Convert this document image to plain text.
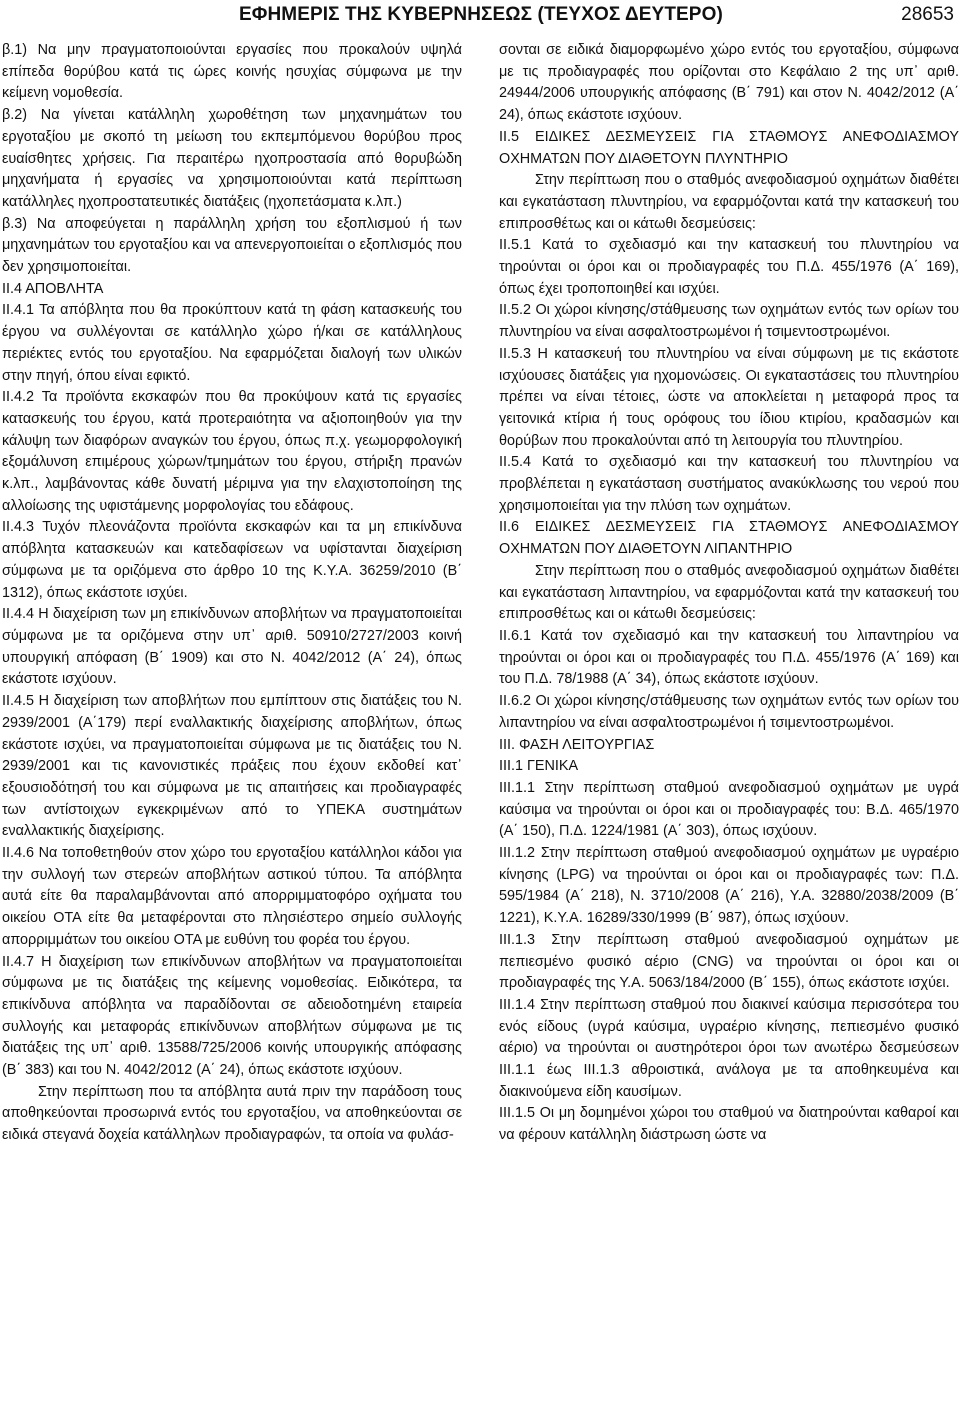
ΕΦΗΜΕΡΙΣ ΤΗΣ ΚΥΒΕΡΝΗΣΕΩΣ (ΤΕΥΧΟΣ ΔΕΥΤΕΡΟ)	28653

β.1) Να μην πραγματοποιούνται εργασίες που προκαλούν υψηλά επίπεδα θορύβου κατά τις ώρες κοινής ησυχίας σύμφωνα με την κείμενη νομοθεσία.

β.2) Να γίνεται κατάλληλη χωροθέτηση των μηχανημάτων του εργοταξίου με σκοπό τη μείωση του εκπεμπόμενου θορύβου προς ευαίσθητες χρήσεις. Για περαιτέρω ηχοπροστασία από θορυβώδη μηχανήματα ή εργασίες να χρησιμοποιούνται κατά περίπτωση κατάλληλες ηχοπροστατευτικές διατάξεις (ηχοπετάσματα κ.λπ.)

β.3) Να αποφεύγεται η παράλληλη χρήση του εξοπλισμού ή των μηχανημάτων του εργοταξίου και να απενεργοποιείται ο εξοπλισμός που δεν χρησιμοποιείται.

ΙΙ.4 ΑΠΟΒΛΗΤΑ

ΙΙ.4.1 Τα απόβλητα που θα προκύπτουν κατά τη φάση κατασκευής του έργου να συλλέγονται σε κατάλληλο χώρο ή/και σε κατάλληλους περιέκτες εντός του εργοταξίου. Να εφαρμόζεται διαλογή των υλικών στην πηγή, όπου είναι εφικτό.

ΙΙ.4.2 Τα προϊόντα εκσκαφών που θα προκύψουν κατά τις εργασίες κατασκευής του έργου, κατά προτεραιότητα να αξιοποιηθούν για την κάλυψη των διαφόρων αναγκών του έργου, όπως π.χ. γεωμορφολογική εξομάλυνση επιμέρους χώρων/τμημάτων του έργου, στήριξη πρανών κ.λπ., λαμβάνοντας κάθε δυνατή μέριμνα για την ελαχιστοποίηση της αλλοίωσης της υφιστάμενης μορφολογίας του εδάφους.

ΙΙ.4.3 Τυχόν πλεονάζοντα προϊόντα εκσκαφών και τα μη επικίνδυνα απόβλητα κατασκευών και κατεδαφίσεων να υφίστανται διαχείριση σύμφωνα με τα οριζόμενα στο άρθρο 10 της Κ.Υ.Α. 36259/2010 (Β΄ 1312), όπως εκάστοτε ισχύει.

ΙΙ.4.4 Η διαχείριση των μη επικίνδυνων αποβλήτων να πραγματοποιείται σύμφωνα με τα οριζόμενα στην υπ᾽ αριθ. 50910/2727/2003 κοινή υπουργική απόφαση (Β΄ 1909) και στο Ν. 4042/2012 (Α΄ 24), όπως εκάστοτε ισχύουν.

ΙΙ.4.5 Η διαχείριση των αποβλήτων που εμπίπτουν στις διατάξεις του Ν. 2939/2001 (Α΄179) περί εναλλακτικής διαχείρισης αποβλήτων, όπως εκάστοτε ισχύει, να πραγματοποιείται σύμφωνα με τις διατάξεις του Ν. 2939/2001 και τις κανονιστικές πράξεις που έχουν εκδοθεί κατ᾽ εξουσιοδότησή του και σύμφωνα με τις απαιτήσεις και προδιαγραφές των αντίστοιχων εγκεκριμένων από το ΥΠΕΚΑ συστημάτων εναλλακτικής διαχείρισης.

ΙΙ.4.6 Να τοποθετηθούν στον χώρο του εργοταξίου κατάλληλοι κάδοι για την συλλογή των στερεών αποβλήτων αστικού τύπου. Τα απόβλητα αυτά είτε θα παραλαμβάνονται από απορριμματοφόρο οχήματα του οικείου ΟΤΑ είτε θα μεταφέρονται στο πλησιέστερο σημείο συλλογής απορριμμάτων του οικείου ΟΤΑ με ευθύνη του φορέα του έργου.

ΙΙ.4.7 Η διαχείριση των επικίνδυνων αποβλήτων να πραγματοποιείται σύμφωνα με τις διατάξεις της κείμενης νομοθεσίας. Ειδικότερα, τα επικίνδυνα απόβλητα να παραδίδονται σε αδειοδοτημένη εταιρεία συλλογής και μεταφοράς επικίνδυνων αποβλήτων σύμφωνα με τις διατάξεις της υπ᾽ αριθ. 13588/725/2006 κοινής υπουργικής απόφασης (Β΄ 383) και του Ν. 4042/2012 (Α΄ 24), όπως εκάστοτε ισχύουν.

Στην περίπτωση που τα απόβλητα αυτά πριν την παράδοση τους αποθηκεύονται προσωρινά εντός του εργοταξίου, να αποθηκεύονται σε ειδικά στεγανά δοχεία κατάλληλων προδιαγραφών, τα οποία να φυλάσ-

σονται σε ειδικά διαμορφωμένο χώρο εντός του εργοταξίου, σύμφωνα με τις προδιαγραφές που ορίζονται στο Κεφάλαιο 2 της υπ᾽ αριθ. 24944/2006 υπουργικής απόφασης (Β΄ 791) και στον Ν. 4042/2012 (Α΄ 24), όπως εκάστοτε ισχύουν.

ΙΙ.5 ΕΙΔΙΚΕΣ ΔΕΣΜΕΥΣΕΙΣ ΓΙΑ ΣΤΑΘΜΟΥΣ ΑΝΕΦΟΔΙΑΣΜΟΥ ΟΧΗΜΑΤΩΝ ΠΟΥ ΔΙΑΘΕΤΟΥΝ ΠΛΥΝΤΗΡΙΟ

Στην περίπτωση που ο σταθμός ανεφοδιασμού οχημάτων διαθέτει και εγκατάσταση πλυντηρίου, να εφαρμόζονται κατά την κατασκευή του επιπροσθέτως και οι κάτωθι δεσμεύσεις:

ΙΙ.5.1 Κατά το σχεδιασμό και την κατασκευή του πλυντηρίου να τηρούνται οι όροι και οι προδιαγραφές του Π.Δ. 455/1976 (Α΄ 169), όπως έχει τροποποιηθεί και ισχύει.

ΙΙ.5.2 Οι χώροι κίνησης/στάθμευσης των οχημάτων εντός των ορίων του πλυντηρίου να είναι ασφαλτοστρωμένοι ή τσιμεντοστρωμένοι.

ΙΙ.5.3 Η κατασκευή του πλυντηρίου να είναι σύμφωνη με τις εκάστοτε ισχύουσες διατάξεις για ηχομονώσεις. Οι εγκαταστάσεις του πλυντηρίου πρέπει να είναι τέτοιες, ώστε να αποκλείεται η μεταφορά προς τα γειτονικά κτίρια ή τους ορόφους του ίδιου κτιρίου, κραδασμών και θορύβων που προκαλούνται από τη λειτουργία του πλυντηρίου.

ΙΙ.5.4 Κατά το σχεδιασμό και την κατασκευή του πλυντηρίου να προβλέπεται η εγκατάσταση συστήματος ανακύκλωσης του νερού που χρησιμοποιείται για την πλύση των οχημάτων.

ΙΙ.6 ΕΙΔΙΚΕΣ ΔΕΣΜΕΥΣΕΙΣ ΓΙΑ ΣΤΑΘΜΟΥΣ ΑΝΕΦΟΔΙΑΣΜΟΥ ΟΧΗΜΑΤΩΝ ΠΟΥ ΔΙΑΘΕΤΟΥΝ ΛΙΠΑΝΤΗΡΙΟ

Στην περίπτωση που ο σταθμός ανεφοδιασμού οχημάτων διαθέτει και εγκατάσταση λιπαντηρίου, να εφαρμόζονται κατά την κατασκευή του επιπροσθέτως και οι κάτωθι δεσμεύσεις:

ΙΙ.6.1 Κατά τον σχεδιασμό και την κατασκευή του λιπαντηρίου να τηρούνται οι όροι και οι προδιαγραφές του Π.Δ. 455/1976 (Α΄ 169) και του Π.Δ. 78/1988 (Α΄ 34), όπως εκάστοτε ισχύουν.

ΙΙ.6.2 Οι χώροι κίνησης/στάθμευσης των οχημάτων εντός των ορίων του λιπαντηρίου να είναι ασφαλτοστρωμένοι ή τσιμεντοστρωμένοι.

ΙΙΙ. ΦΑΣΗ ΛΕΙΤΟΥΡΓΙΑΣ

ΙΙΙ.1 ΓΕΝΙΚΑ

ΙΙΙ.1.1 Στην περίπτωση σταθμού ανεφοδιασμού οχημάτων με υγρά καύσιμα να τηρούνται οι όροι και οι προδιαγραφές του: Β.Δ. 465/1970 (Α΄ 150), Π.Δ. 1224/1981 (Α΄ 303), όπως ισχύουν.

ΙΙΙ.1.2 Στην περίπτωση σταθμού ανεφοδιασμού οχημάτων με υγραέριο κίνησης (LPG) να τηρούνται οι όροι και οι προδιαγραφές των: Π.Δ. 595/1984 (Α΄ 218), Ν. 3710/2008 (Α΄ 216), Υ.Α. 32880/2038/2009 (Β΄ 1221), Κ.Υ.Α. 16289/330/1999 (Β΄ 987), όπως ισχύουν.

ΙΙΙ.1.3 Στην περίπτωση σταθμού ανεφοδιασμού οχημάτων με πεπιεσμένο φυσικό αέριο (CNG) να τηρούνται οι όροι και οι προδιαγραφές της Υ.Α. 5063/184/2000 (Β΄ 155), όπως εκάστοτε ισχύει.

ΙΙΙ.1.4 Στην περίπτωση σταθμού που διακινεί καύσιμα περισσότερα του ενός είδους (υγρά καύσιμα, υγραέριο κίνησης, πεπιεσμένο φυσικό αέριο) να τηρούνται οι αυστηρότεροι όροι των ανωτέρω δεσμεύσεων ΙΙΙ.1.1 έως ΙΙΙ.1.3 αθροιστικά, ανάλογα με τα αποθηκευμένα και διακινούμενα είδη καυσίμων.

ΙΙΙ.1.5 Οι μη δομημένοι χώροι του σταθμού να διατηρούνται καθαροί και να φέρουν κατάλληλη διάστρωση ώστε να
